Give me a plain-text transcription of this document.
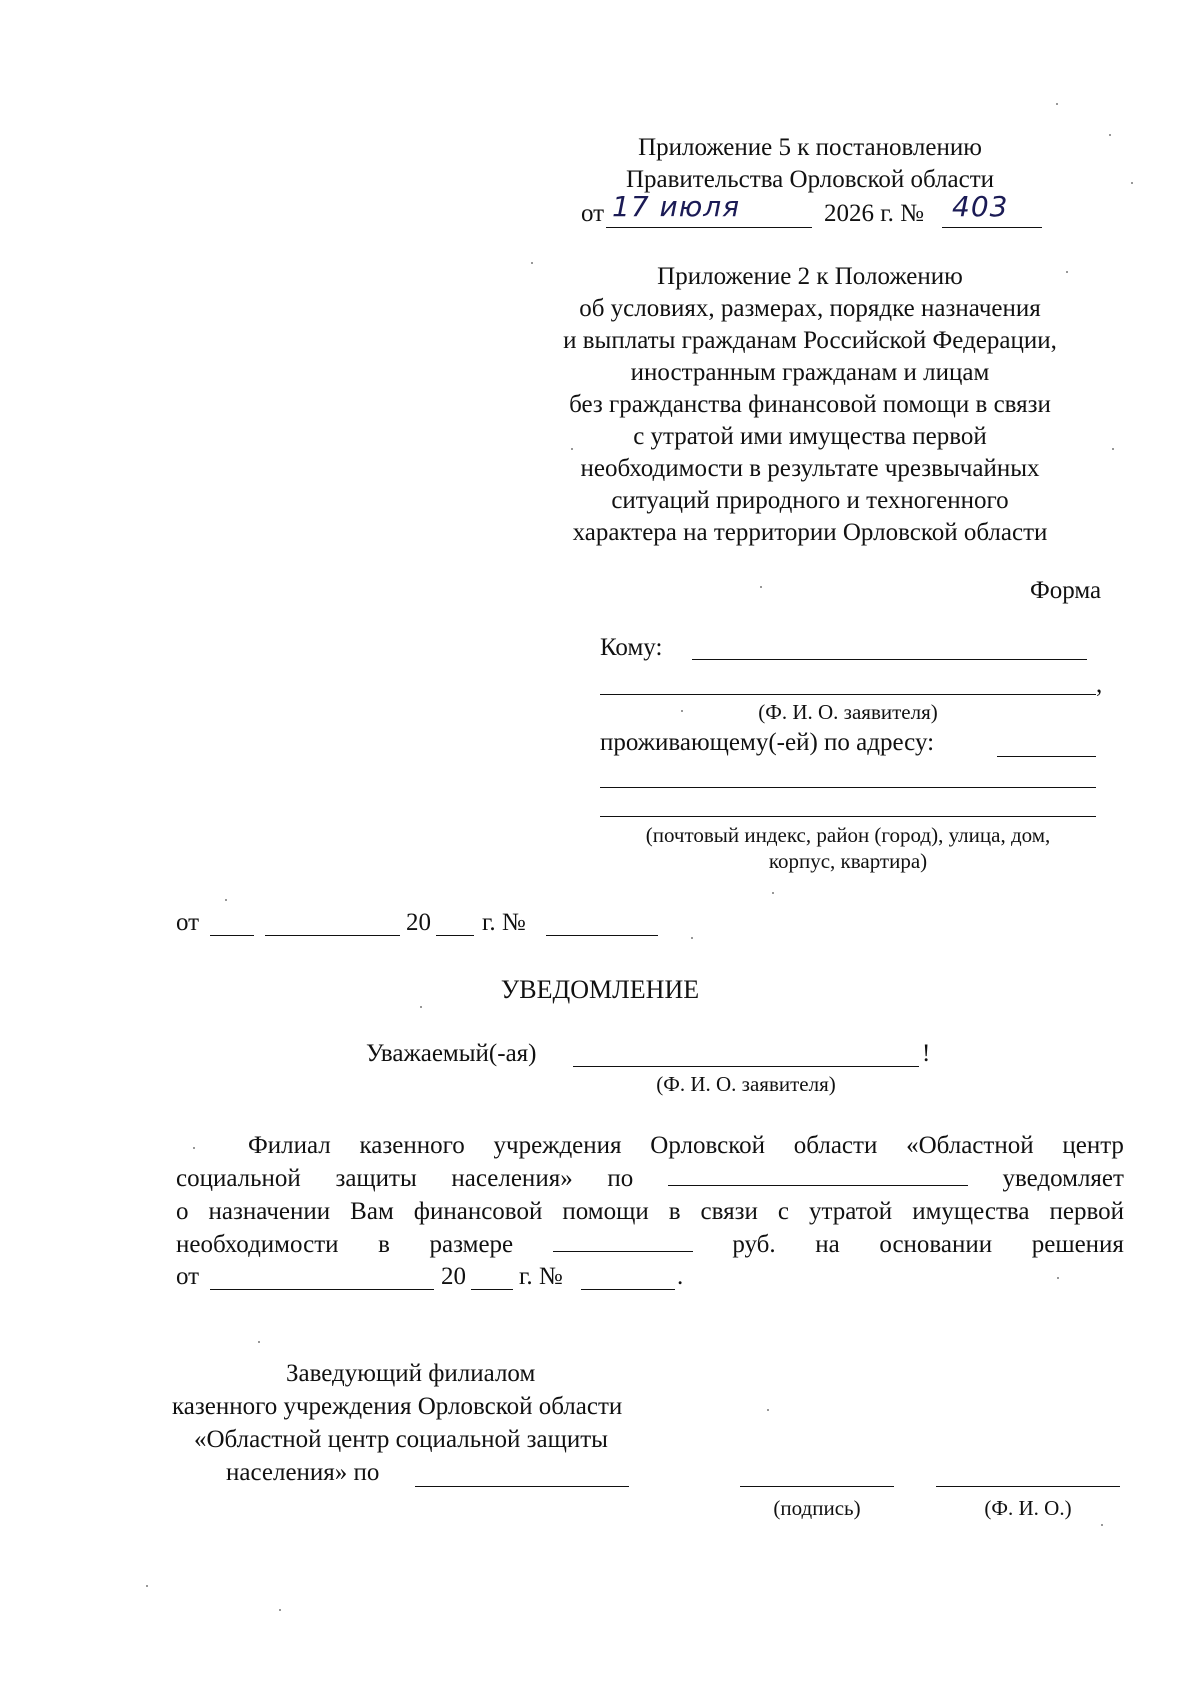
Приложение 5 к постановлению
Правительства Орловской области
от 17 июля	2026 г. № 403
Приложение 2 к Положению
об условиях, размерах, порядке назначения
и выплаты гражданам Российской Федерации,
иностранным гражданам и лицам
без гражданства финансовой помощи в связи
с утратой ими имущества первой
необходимости в результате чрезвычайных
ситуаций природного и техногенного
характера на территории Орловской области
Форма
Кому:
,
(Ф. И. О. заявителя)
проживающему(-ей) по адресу:
(почтовый индекс, район (город), улица, дом,
корпус, квартира)
от	20 г. №
УВЕДОМЛЕНИЕ
Уважаемый(-ая)	!
(Ф. И. О. заявителя)
Филиал казенного учреждения Орловской области «Областной центр
социальной защиты населения» по	уведомляет
о назначении Вам финансовой помощи в связи с утратой имущества первой
необходимости в размере	руб. на основании решения
от	20 г. №	.
Заведующий филиалом
казенного учреждения Орловской области
«Областной центр социальной защиты
населения» по
(подпись)	(Ф. И. О.)
